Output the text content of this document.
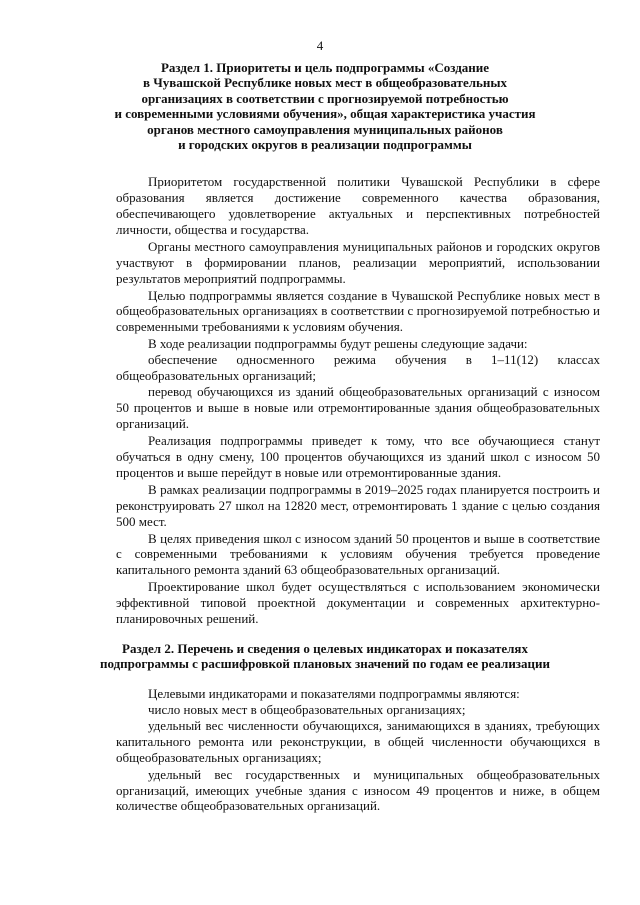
4
Раздел 1. Приоритеты и цель подпрограммы «Создание
в Чувашской Республике новых мест в общеобразовательных
организациях в соответствии с прогнозируемой потребностью
и современными условиями обучения», общая характеристика участия
органов местного самоуправления муниципальных районов
и городских округов в реализации подпрограммы

Приоритетом государственной политики Чувашской Республики в сфере образования является достижение современного качества образования, обеспечивающего удовлетворение актуальных и перспективных потребностей личности, общества и государства.

Органы местного самоуправления муниципальных районов и городских округов участвуют в формировании планов, реализации мероприятий, использовании результатов мероприятий подпрограммы.

Целью подпрограммы является создание в Чувашской Республике новых мест в общеобразовательных организациях в соответствии с прогнозируемой потребностью и современными требованиями к условиям обучения.

В ходе реализации подпрограммы будут решены следующие задачи:

обеспечение односменного режима обучения в 1–11(12) классах общеобразовательных организаций;

перевод обучающихся из зданий общеобразовательных организаций с износом 50 процентов и выше в новые или отремонтированные здания общеобразовательных организаций.

Реализация подпрограммы приведет к тому, что все обучающиеся станут обучаться в одну смену, 100 процентов обучающихся из зданий школ с износом 50 процентов и выше перейдут в новые или отремонтированные здания.

В рамках реализации подпрограммы в 2019–2025 годах планируется построить и реконструировать 27 школ на 12820 мест, отремонтировать 1 здание с целью создания 500 мест.

В целях приведения школ с износом зданий 50 процентов и выше в соответствие с современными требованиями к условиям обучения требуется проведение капитального ремонта зданий 63 общеобразовательных организаций.

Проектирование школ будет осуществляться с использованием экономически эффективной типовой проектной документации и современных архитектурно-планировочных решений.

Раздел 2. Перечень и сведения о целевых индикаторах и показателях
подпрограммы с расшифровкой плановых значений по годам ее реализации

Целевыми индикаторами и показателями подпрограммы являются:

число новых мест в общеобразовательных организациях;

удельный вес численности обучающихся, занимающихся в зданиях, требующих капитального ремонта или реконструкции, в общей численности обучающихся в общеобразовательных организациях;

удельный вес государственных и муниципальных общеобразовательных организаций, имеющих учебные здания с износом 49 процентов и ниже, в общем количестве общеобразовательных организаций.
